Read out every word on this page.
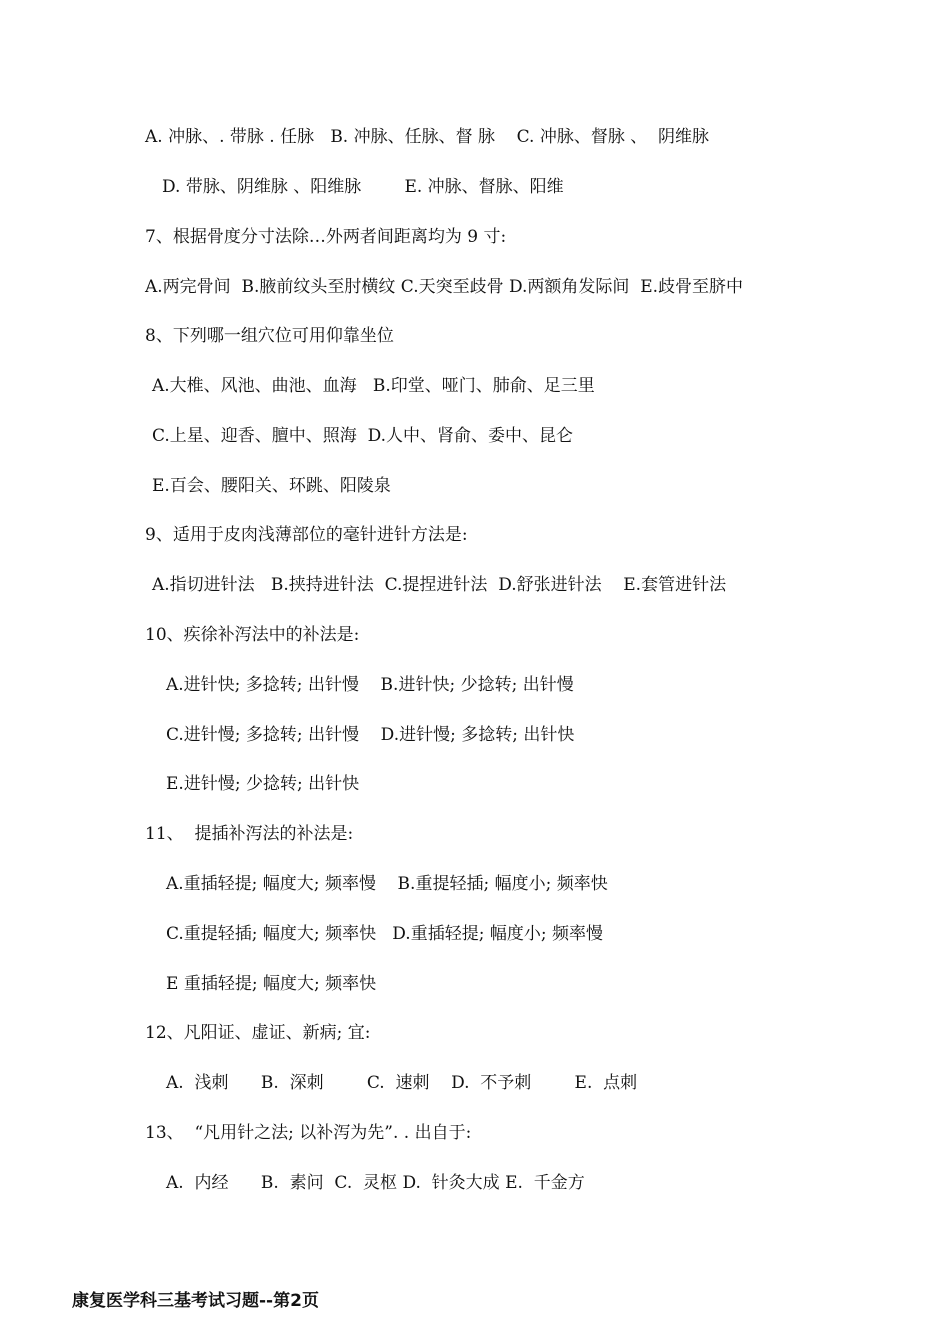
A. 冲脉、. 带脉 . 任脉   B. 冲脉、任脉、督 脉    C. 冲脉、督脉 、  阴维脉
D. 带脉、阴维脉 、阳维脉        E. 冲脉、督脉、阳维
7、根据骨度分寸法除…外两者间距离均为 9 寸:
A.两完骨间  B.腋前纹头至肘横纹 C.天突至歧骨 D.两额角发际间  E.歧骨至脐中
8、下列哪一组穴位可用仰靠坐位
A.大椎、风池、曲池、血海   B.印堂、哑门、肺俞、足三里
C.上星、迎香、膻中、照海  D.人中、肾俞、委中、昆仑
E.百会、腰阳关、环跳、阳陵泉
9、适用于皮肉浅薄部位的毫针进针方法是:
A.指切进针法   B.挟持进针法  C.提捏进针法  D.舒张进针法    E.套管进针法
10、疾徐补泻法中的补法是:
A.进针快; 多捻转; 出针慢    B.进针快; 少捻转; 出针慢
C.进针慢; 多捻转; 出针慢    D.进针慢; 多捻转; 出针快
E.进针慢; 少捻转; 出针快
11、  提插补泻法的补法是:
A.重插轻提; 幅度大; 频率慢    B.重提轻插; 幅度小; 频率快
C.重提轻插; 幅度大; 频率快   D.重插轻提; 幅度小; 频率慢
E 重插轻提; 幅度大; 频率快
12、凡阳证、虚证、新病; 宜:
A.  浅刺      B.  深刺        C.  速刺    D.  不予刺        E.  点刺
13、  “凡用针之法; 以补泻为先”. . 出自于:
A.  内经      B.  素问  C.  灵枢 D.  针灸大成 E.  千金方
康复医学科三基考试习题--第2页
